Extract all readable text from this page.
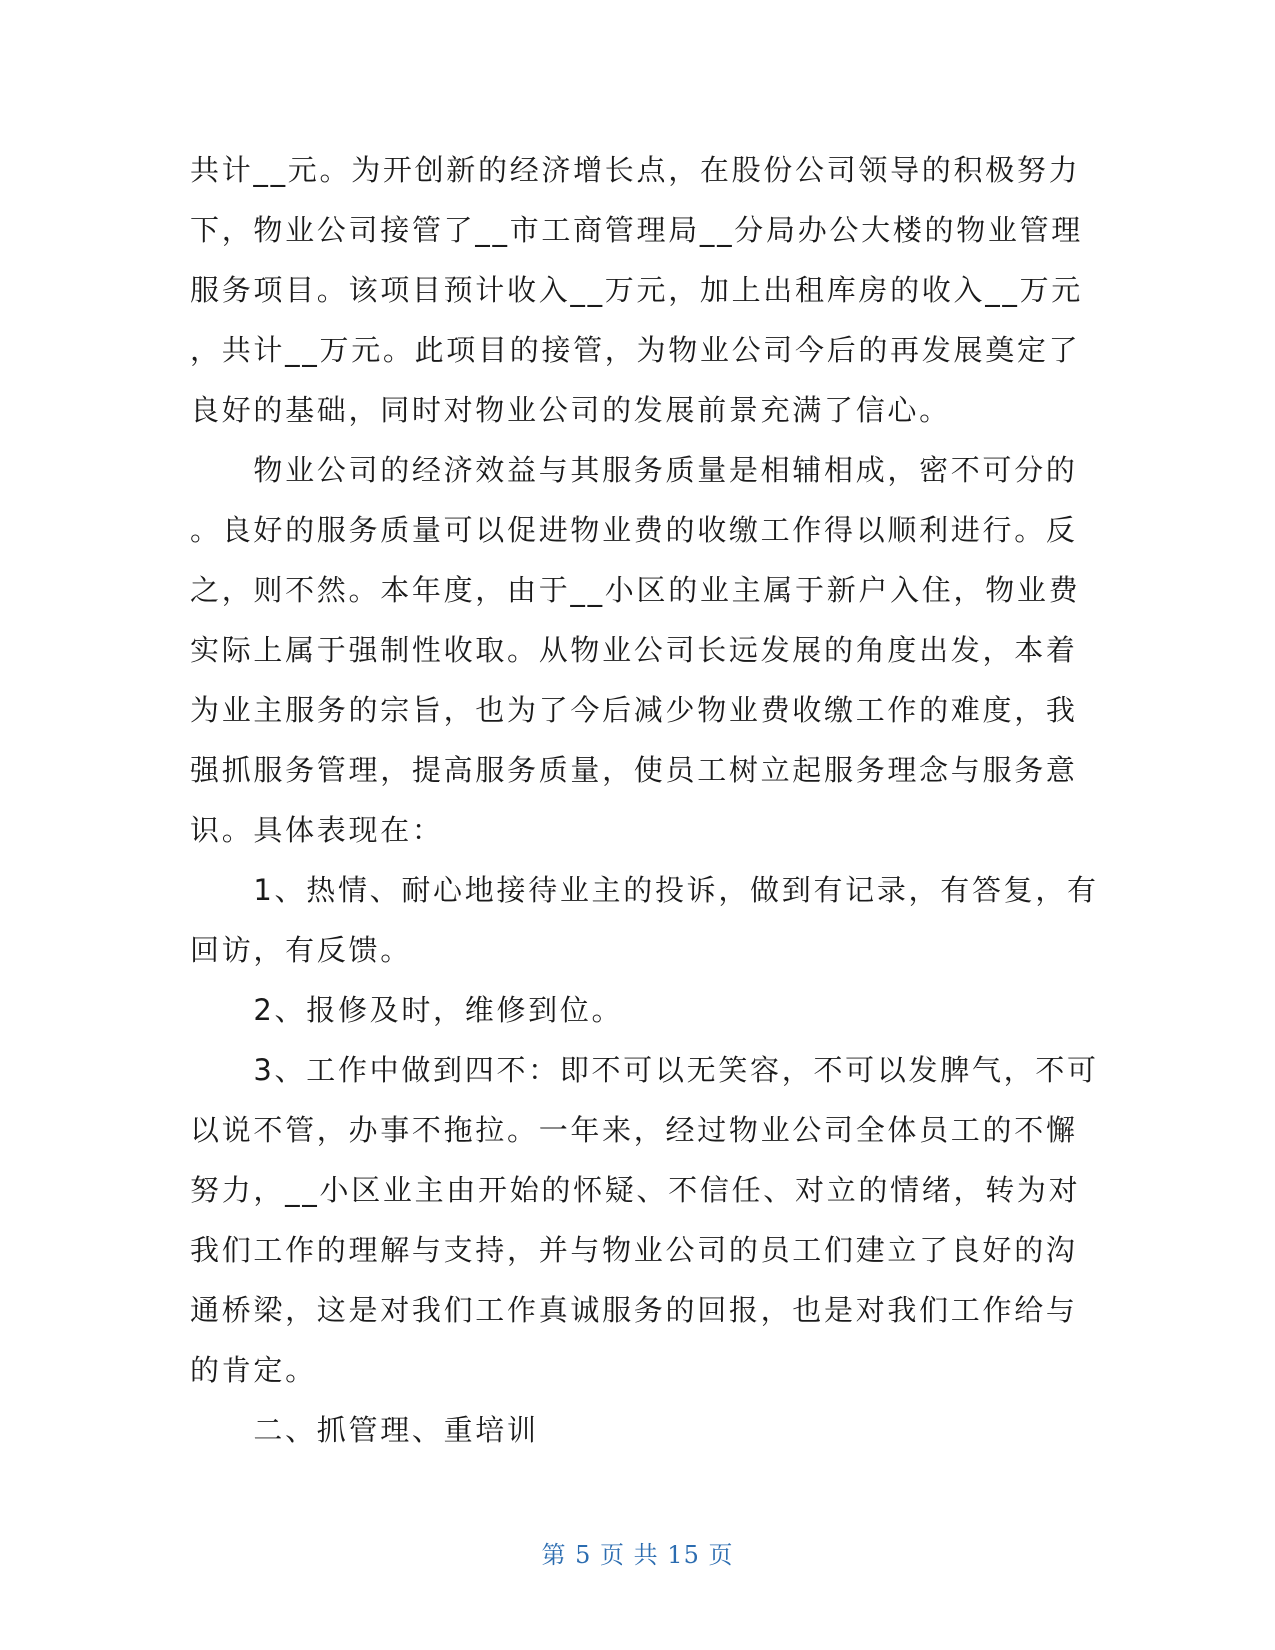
共计__元。为开创新的经济增长点，在股份公司领导的积极努力
下，物业公司接管了__市工商管理局__分局办公大楼的物业管理
服务项目。该项目预计收入__万元，加上出租库房的收入__万元
，共计__万元。此项目的接管，为物业公司今后的再发展奠定了
良好的基础，同时对物业公司的发展前景充满了信心。
　　物业公司的经济效益与其服务质量是相辅相成，密不可分的
。良好的服务质量可以促进物业费的收缴工作得以顺利进行。反
之，则不然。本年度，由于__小区的业主属于新户入住，物业费
实际上属于强制性收取。从物业公司长远发展的角度出发，本着
为业主服务的宗旨，也为了今后减少物业费收缴工作的难度，我
强抓服务管理，提高服务质量，使员工树立起服务理念与服务意
识。具体表现在：
　　1、热情、耐心地接待业主的投诉，做到有记录，有答复，有
回访，有反馈。
　　2、报修及时，维修到位。
　　3、工作中做到四不：即不可以无笑容，不可以发脾气，不可
以说不管，办事不拖拉。一年来，经过物业公司全体员工的不懈
努力，__小区业主由开始的怀疑、不信任、对立的情绪，转为对
我们工作的理解与支持，并与物业公司的员工们建立了良好的沟
通桥梁，这是对我们工作真诚服务的回报，也是对我们工作给与
的肯定。
　　二、抓管理、重培训
第 5 页 共 15 页
